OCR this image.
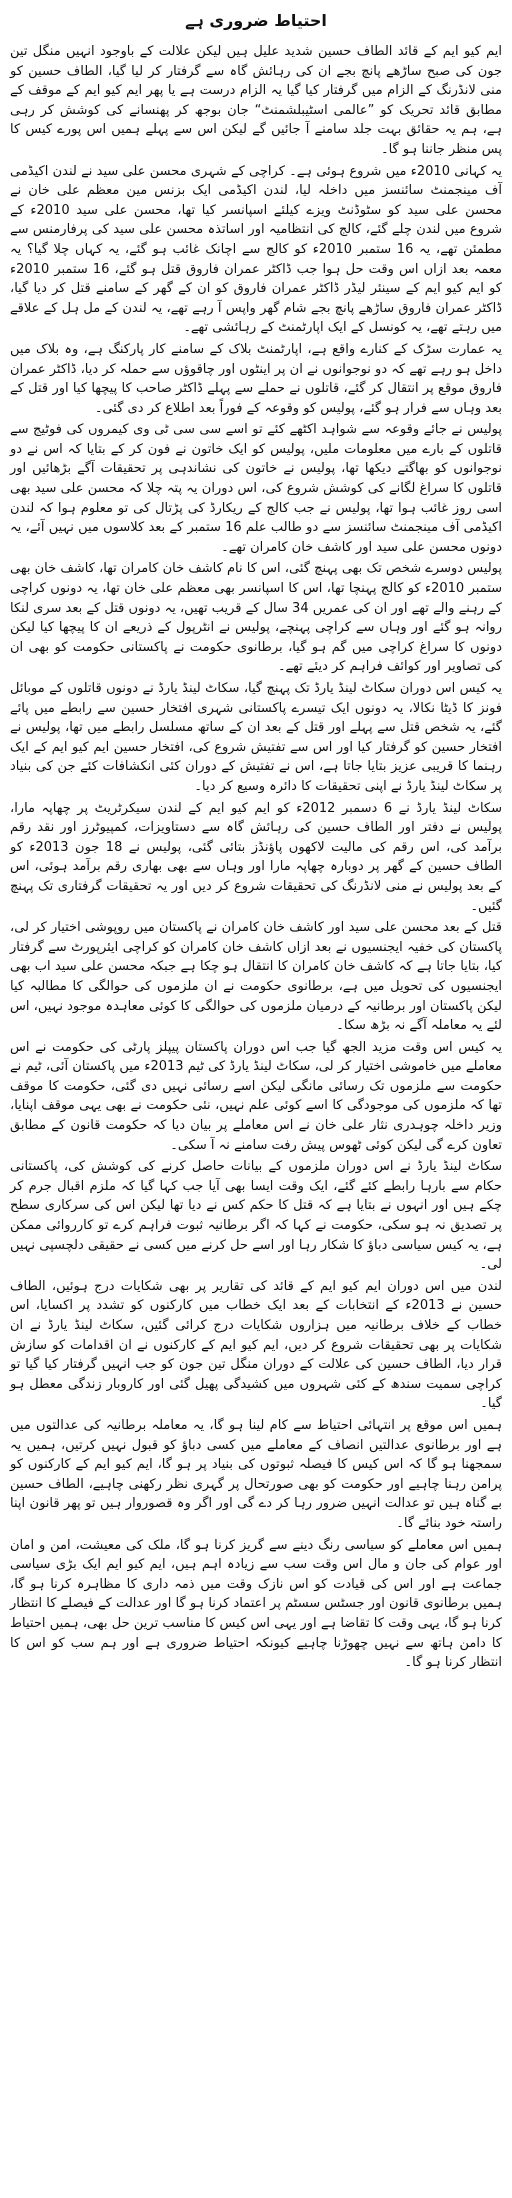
احتیاط ضروری ہے

ایم کیو ایم کے قائد الطاف حسین شدید علیل ہیں لیکن علالت کے باوجود انہیں منگل تین جون کی صبح ساڑھے پانچ بجے ان کی رہائش گاہ سے گرفتار کر لیا گیا، الطاف حسین کو منی لانڈرنگ کے الزام میں گرفتار کیا گیا یہ الزام درست ہے یا پھر ایم کیو ایم کے موقف کے مطابق قائد تحریک کو ”عالمی اسٹیبلشمنٹ“ جان بوجھ کر پھنسانے کی کوشش کر رہی ہے، ہم یہ حقائق بہت جلد سامنے آ جائیں گے لیکن اس سے پہلے ہمیں اس پورے کیس کا پس منظر جاننا ہو گا۔

یہ کہانی 2010ء میں شروع ہوئی ہے۔ کراچی کے شہری محسن علی سید نے لندن اکیڈمی آف مینجمنٹ سائنسز میں داخلہ لیا، لندن اکیڈمی ایک بزنس مین معظم علی خان نے محسن علی سید کو سٹوڈنٹ ویزے کیلئے اسپانسر کیا تھا، محسن علی سید 2010ء کے شروع میں لندن چلے گئے، کالج کی انتظامیہ اور اساتذہ محسن علی سید کی پرفارمنس سے مطمئن تھے، یہ 16 ستمبر 2010ء کو کالج سے اچانک غائب ہو گئے، یہ کہاں چلا گیا؟ یہ معمہ بعد ازاں اس وقت حل ہوا جب ڈاکٹر عمران فاروق قتل ہو گئے، 16 ستمبر 2010ء کو ایم کیو ایم کے سینئر لیڈر ڈاکٹر عمران فاروق کو ان کے گھر کے سامنے قتل کر دیا گیا، ڈاکٹر عمران فاروق ساڑھے پانچ بجے شام گھر واپس آ رہے تھے، یہ لندن کے مل ہل کے علاقے میں رہتے تھے، یہ کونسل کے ایک اپارٹمنٹ کے رہائشی تھے۔

یہ عمارت سڑک کے کنارے واقع ہے، اپارٹمنٹ بلاک کے سامنے کار پارکنگ ہے، وہ بلاک میں داخل ہو رہے تھے کہ دو نوجوانوں نے ان پر اینٹوں اور چاقوؤں سے حملہ کر دیا، ڈاکٹر عمران فاروق موقع پر انتقال کر گئے، قاتلوں نے حملے سے پہلے ڈاکٹر صاحب کا پیچھا کیا اور قتل کے بعد وہاں سے فرار ہو گئے، پولیس کو وقوعہ کے فوراً بعد اطلاع کر دی گئی۔

پولیس نے جائے وقوعہ سے شواہد اکٹھے کئے تو اسے سی سی ٹی وی کیمروں کی فوٹیج سے قاتلوں کے بارے میں معلومات ملیں، پولیس کو ایک خاتون نے فون کر کے بتایا کہ اس نے دو نوجوانوں کو بھاگتے دیکھا تھا، پولیس نے خاتون کی نشاندہی پر تحقیقات آگے بڑھائیں اور قاتلوں کا سراغ لگانے کی کوشش شروع کی، اس دوران یہ پتہ چلا کہ محسن علی سید بھی اسی روز غائب ہوا تھا، پولیس نے جب کالج کے ریکارڈ کی پڑتال کی تو معلوم ہوا کہ لندن اکیڈمی آف مینجمنٹ سائنسز سے دو طالب علم 16 ستمبر کے بعد کلاسوں میں نہیں آئے، یہ دونوں محسن علی سید اور کاشف خان کامران تھے۔

پولیس دوسرے شخص تک بھی پہنچ گئی، اس کا نام کاشف خان کامران تھا، کاشف خان بھی ستمبر 2010ء کو کالج پہنچا تھا، اس کا اسپانسر بھی معظم علی خان تھا، یہ دونوں کراچی کے رہنے والے تھے اور ان کی عمریں 34 سال کے قریب تھیں، یہ دونوں قتل کے بعد سری لنکا روانہ ہو گئے اور وہاں سے کراچی پہنچے، پولیس نے انٹرپول کے ذریعے ان کا پیچھا کیا لیکن دونوں کا سراغ کراچی میں گم ہو گیا، برطانوی حکومت نے پاکستانی حکومت کو بھی ان کی تصاویر اور کوائف فراہم کر دیئے تھے۔

یہ کیس اس دوران سکاٹ لینڈ یارڈ تک پہنچ گیا، سکاٹ لینڈ یارڈ نے دونوں قاتلوں کے موبائل فونز کا ڈیٹا نکالا، یہ دونوں ایک تیسرے پاکستانی شہری افتخار حسین سے رابطے میں پائے گئے، یہ شخص قتل سے پہلے اور قتل کے بعد ان کے ساتھ مسلسل رابطے میں تھا، پولیس نے افتخار حسین کو گرفتار کیا اور اس سے تفتیش شروع کی، افتخار حسین ایم کیو ایم کے ایک رہنما کا قریبی عزیز بتایا جاتا ہے، اس نے تفتیش کے دوران کئی انکشافات کئے جن کی بنیاد پر سکاٹ لینڈ یارڈ نے اپنی تحقیقات کا دائرہ وسیع کر دیا۔

سکاٹ لینڈ یارڈ نے 6 دسمبر 2012ء کو ایم کیو ایم کے لندن سیکرٹریٹ پر چھاپہ مارا، پولیس نے دفتر اور الطاف حسین کی رہائش گاہ سے دستاویزات، کمپیوٹرز اور نقد رقم برآمد کی، اس رقم کی مالیت لاکھوں پاؤنڈز بتائی گئی، پولیس نے 18 جون 2013ء کو الطاف حسین کے گھر پر دوبارہ چھاپہ مارا اور وہاں سے بھی بھاری رقم برآمد ہوئی، اس کے بعد پولیس نے منی لانڈرنگ کی تحقیقات شروع کر دیں اور یہ تحقیقات گرفتاری تک پہنچ گئیں۔

قتل کے بعد محسن علی سید اور کاشف خان کامران نے پاکستان میں روپوشی اختیار کر لی، پاکستان کی خفیہ ایجنسیوں نے بعد ازاں کاشف خان کامران کو کراچی ایئرپورٹ سے گرفتار کیا، بتایا جاتا ہے کہ کاشف خان کامران کا انتقال ہو چکا ہے جبکہ محسن علی سید اب بھی ایجنسیوں کی تحویل میں ہے، برطانوی حکومت نے ان ملزموں کی حوالگی کا مطالبہ کیا لیکن پاکستان اور برطانیہ کے درمیان ملزموں کی حوالگی کا کوئی معاہدہ موجود نہیں، اس لئے یہ معاملہ آگے نہ بڑھ سکا۔

یہ کیس اس وقت مزید الجھ گیا جب اس دوران پاکستان پیپلز پارٹی کی حکومت نے اس معاملے میں خاموشی اختیار کر لی، سکاٹ لینڈ یارڈ کی ٹیم 2013ء میں پاکستان آئی، ٹیم نے حکومت سے ملزموں تک رسائی مانگی لیکن اسے رسائی نہیں دی گئی، حکومت کا موقف تھا کہ ملزموں کی موجودگی کا اسے کوئی علم نہیں، نئی حکومت نے بھی یہی موقف اپنایا، وزیر داخلہ چوہدری نثار علی خان نے اس معاملے پر بیان دیا کہ حکومت قانون کے مطابق تعاون کرے گی لیکن کوئی ٹھوس پیش رفت سامنے نہ آ سکی۔

سکاٹ لینڈ یارڈ نے اس دوران ملزموں کے بیانات حاصل کرنے کی کوشش کی، پاکستانی حکام سے بارہا رابطے کئے گئے، ایک وقت ایسا بھی آیا جب کہا گیا کہ ملزم اقبال جرم کر چکے ہیں اور انہوں نے بتایا ہے کہ قتل کا حکم کس نے دیا تھا لیکن اس کی سرکاری سطح پر تصدیق نہ ہو سکی، حکومت نے کہا کہ اگر برطانیہ ثبوت فراہم کرے تو کارروائی ممکن ہے، یہ کیس سیاسی دباؤ کا شکار رہا اور اسے حل کرنے میں کسی نے حقیقی دلچسپی نہیں لی۔

لندن میں اس دوران ایم کیو ایم کے قائد کی تقاریر پر بھی شکایات درج ہوئیں، الطاف حسین نے 2013ء کے انتخابات کے بعد ایک خطاب میں کارکنوں کو تشدد پر اکسایا، اس خطاب کے خلاف برطانیہ میں ہزاروں شکایات درج کرائی گئیں، سکاٹ لینڈ یارڈ نے ان شکایات پر بھی تحقیقات شروع کر دیں، ایم کیو ایم کے کارکنوں نے ان اقدامات کو سازش قرار دیا، الطاف حسین کی علالت کے دوران منگل تین جون کو جب انہیں گرفتار کیا گیا تو کراچی سمیت سندھ کے کئی شہروں میں کشیدگی پھیل گئی اور کاروبار زندگی معطل ہو گیا۔

ہمیں اس موقع پر انتہائی احتیاط سے کام لینا ہو گا، یہ معاملہ برطانیہ کی عدالتوں میں ہے اور برطانوی عدالتیں انصاف کے معاملے میں کسی دباؤ کو قبول نہیں کرتیں، ہمیں یہ سمجھنا ہو گا کہ اس کیس کا فیصلہ ثبوتوں کی بنیاد پر ہو گا، ایم کیو ایم کے کارکنوں کو پرامن رہنا چاہیے اور حکومت کو بھی صورتحال پر گہری نظر رکھنی چاہیے، الطاف حسین بے گناہ ہیں تو عدالت انہیں ضرور رہا کر دے گی اور اگر وہ قصوروار ہیں تو پھر قانون اپنا راستہ خود بنائے گا۔

ہمیں اس معاملے کو سیاسی رنگ دینے سے گریز کرنا ہو گا، ملک کی معیشت، امن و امان اور عوام کی جان و مال اس وقت سب سے زیادہ اہم ہیں، ایم کیو ایم ایک بڑی سیاسی جماعت ہے اور اس کی قیادت کو اس نازک وقت میں ذمہ داری کا مظاہرہ کرنا ہو گا، ہمیں برطانوی قانون اور جسٹس سسٹم پر اعتماد کرنا ہو گا اور عدالت کے فیصلے کا انتظار کرنا ہو گا، یہی وقت کا تقاضا ہے اور یہی اس کیس کا مناسب ترین حل بھی، ہمیں احتیاط کا دامن ہاتھ سے نہیں چھوڑنا چاہیے کیونکہ احتیاط ضروری ہے اور ہم سب کو اس کا انتظار کرنا ہو گا۔
